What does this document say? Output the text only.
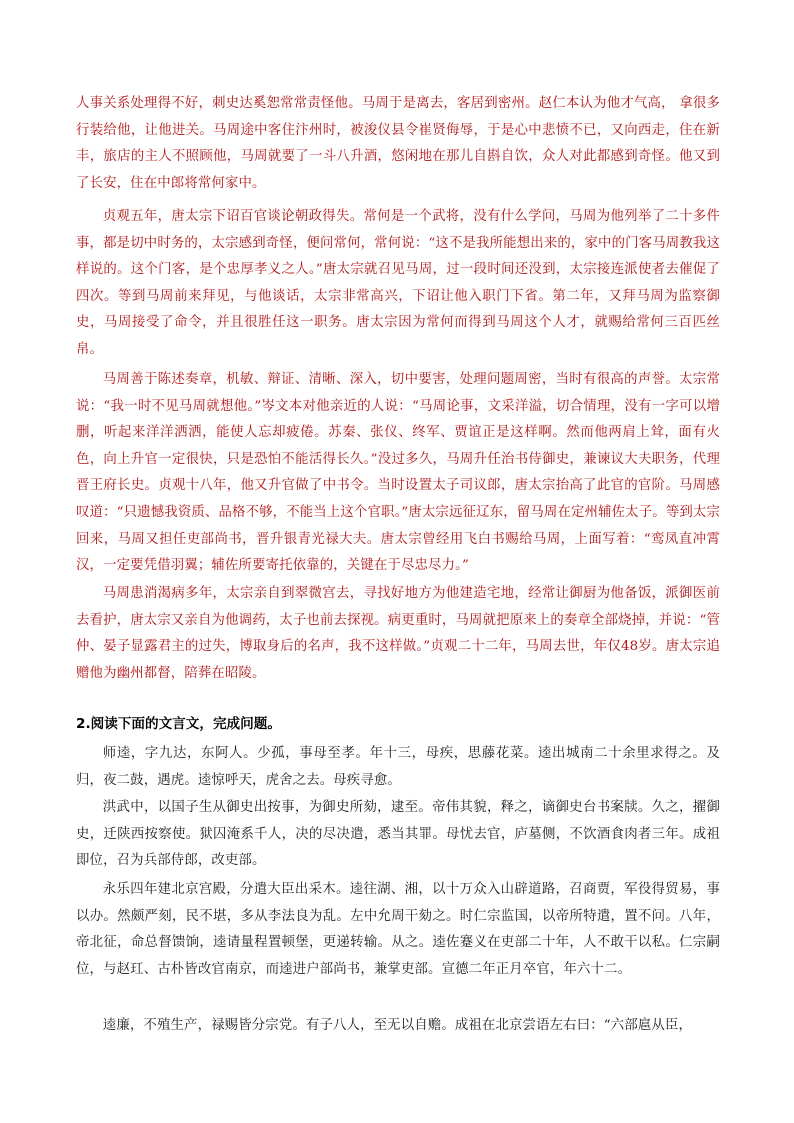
人事关系处理得不好，刺史达奚恕常常责怪他。马周于是离去，客居到密州。赵仁本认为他才气高， 拿很多行装给他，让他进关。马周途中客住汴州时，被浚仪县令崔贤侮辱，于是心中悲愤不已，又向西走，住在新丰，旅店的主人不照顾他，马周就要了一斗八升酒，悠闲地在那儿自斟自饮，众人对此都感到奇怪。他又到了长安，住在中郎将常何家中。

贞观五年，唐太宗下诏百官谈论朝政得失。常何是一个武将，没有什么学问，马周为他列举了二十多件事，都是切中时务的，太宗感到奇怪，便问常何，常何说：“这不是我所能想出来的，家中的门客马周教我这样说的。这个门客，是个忠厚孝义之人。”唐太宗就召见马周，过一段时间还没到，太宗接连派使者去催促了四次。等到马周前来拜见，与他谈话，太宗非常高兴，下诏让他入职门下省。第二年，又拜马周为监察御史，马周接受了命令，并且很胜任这一职务。唐太宗因为常何而得到马周这个人才，就赐给常何三百匹丝帛。

马周善于陈述奏章，机敏、辩证、清晰、深入，切中要害，处理问题周密，当时有很高的声誉。太宗常说：“我一时不见马周就想他。”岑文本对他亲近的人说：“马周论事，文采洋溢，切合情理，没有一字可以增删，听起来洋洋洒洒，能使人忘却疲倦。苏秦、张仪、终军、贾谊正是这样啊。然而他两肩上耸，面有火色，向上升官一定很快，只是恐怕不能活得长久。”没过多久，马周升任治书侍御史，兼谏议大夫职务，代理晋王府长史。贞观十八年，他又升官做了中书令。当时设置太子司议郎，唐太宗抬高了此官的官阶。马周感叹道：“只遗憾我资质、品格不够，不能当上这个官职。”唐太宗远征辽东，留马周在定州辅佐太子。等到太宗回来，马周又担任吏部尚书，晋升银青光禄大夫。唐太宗曾经用飞白书赐给马周，上面写着：“鸾凤直冲霄汉，一定要凭借羽翼；辅佐所要寄托依靠的，关键在于尽忠尽力。”

马周患消渴病多年，太宗亲自到翠微宫去，寻找好地方为他建造宅地，经常让御厨为他备饭，派御医前去看护，唐太宗又亲自为他调药，太子也前去探视。病更重时，马周就把原来上的奏章全部烧掉，并说：“管仲、晏子显露君主的过失，博取身后的名声，我不这样做。”贞观二十二年，马周去世，年仅48岁。唐太宗追赠他为幽州都督，陪葬在昭陵。

2.阅读下面的文言文，完成问题。

师逵，字九达，东阿人。少孤，事母至孝。年十三，母疾，思藤花菜。逵出城南二十余里求得之。及归，夜二鼓，遇虎。逵惊呼天，虎舍之去。母疾寻愈。

洪武中，以国子生从御史出按事，为御史所劾，逮至。帝伟其貌，释之，谪御史台书案牍。久之，擢御史，迁陕西按察使。狱囚淹系千人，决的尽决遣，悉当其罪。母忧去官，庐墓侧，不饮酒食肉者三年。成祖即位，召为兵部侍郎，改吏部。

永乐四年建北京宫殿，分遣大臣出采木。逵往湖、湘，以十万众入山辟道路，召商贾，军役得贸易，事以办。然颇严刻，民不堪，多从李法良为乱。左中允周干劾之。时仁宗监国，以帝所特遣，置不问。八年，帝北征，命总督馈饷，逵请量程置顿堡，更递转输。从之。逵佐蹇义在吏部二十年，人不敢干以私。仁宗嗣位，与赵玒、古朴皆改官南京，而逵进户部尚书，兼掌吏部。宣德二年正月卒官，年六十二。

逵廉，不殖生产，禄赐皆分宗党。有子八人，至无以自赡。成祖在北京尝语左右曰：“六部扈从臣，
